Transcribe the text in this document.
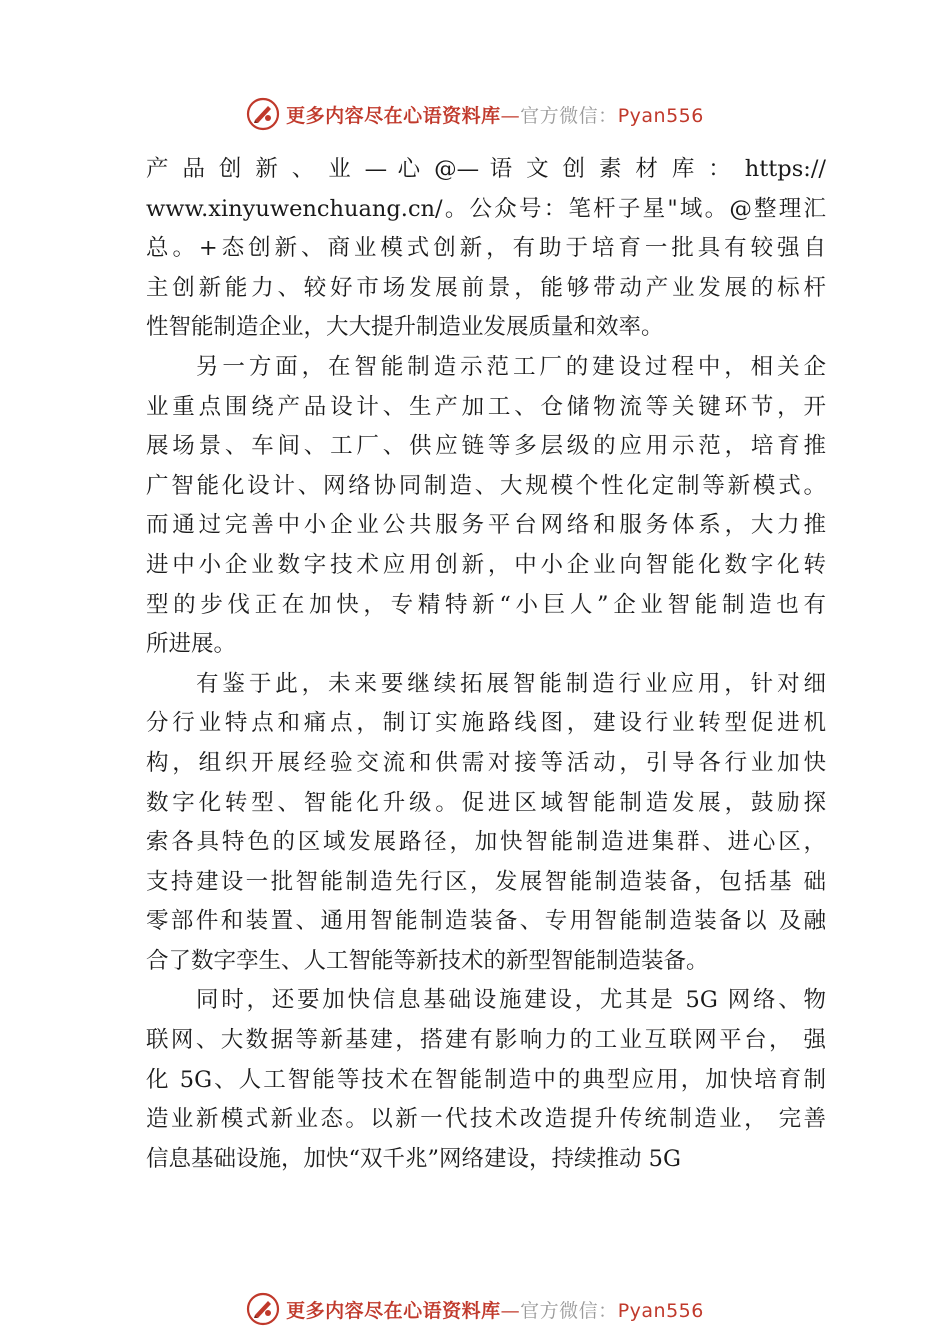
更多内容尽在心语资料库—官方微信：Pyan556
产 品 创 新 、 业 — 心 @— 语 文 创 素 材 库 ： https://
www.xinyuwenchuang.cn/。公众号：笔杆子星"域。@整理汇
总。+态创新、商业模式创新，有助于培育一批具有较强自
主创新能力、较好市场发展前景，能够带动产业发展的标杆
性智能制造企业，大大提升制造业发展质量和效率。
另一方面，在智能制造示范工厂的建设过程中，相关企
业重点围绕产品设计、生产加工、仓储物流等关键环节，开
展场景、车间、工厂、供应链等多层级的应用示范，培育推
广智能化设计、网络协同制造、大规模个性化定制等新模式。
而通过完善中小企业公共服务平台网络和服务体系，大力推
进中小企业数字技术应用创新，中小企业向智能化数字化转
型的步伐正在加快，专精特新“小巨人”企业智能制造也有
所进展。
有鉴于此，未来要继续拓展智能制造行业应用，针对细
分行业特点和痛点，制订实施路线图，建设行业转型促进机
构，组织开展经验交流和供需对接等活动，引导各行业加快
数字化转型、智能化升级。促进区域智能制造发展，鼓励探
索各具特色的区域发展路径，加快智能制造进集群、进心区，
支持建设一批智能制造先行区，发展智能制造装备，包括基 础
零部件和装置、通用智能制造装备、专用智能制造装备以 及融
合了数字孪生、人工智能等新技术的新型智能制造装备。
同时，还要加快信息基础设施建设，尤其是 5G 网络、物
联网、大数据等新基建，搭建有影响力的工业互联网平台， 强
化 5G、人工智能等技术在智能制造中的典型应用，加快培育制
造业新模式新业态。以新一代技术改造提升传统制造业， 完善
信息基础设施，加快“双千兆”网络建设，持续推动 5G
更多内容尽在心语资料库—官方微信：Pyan556
